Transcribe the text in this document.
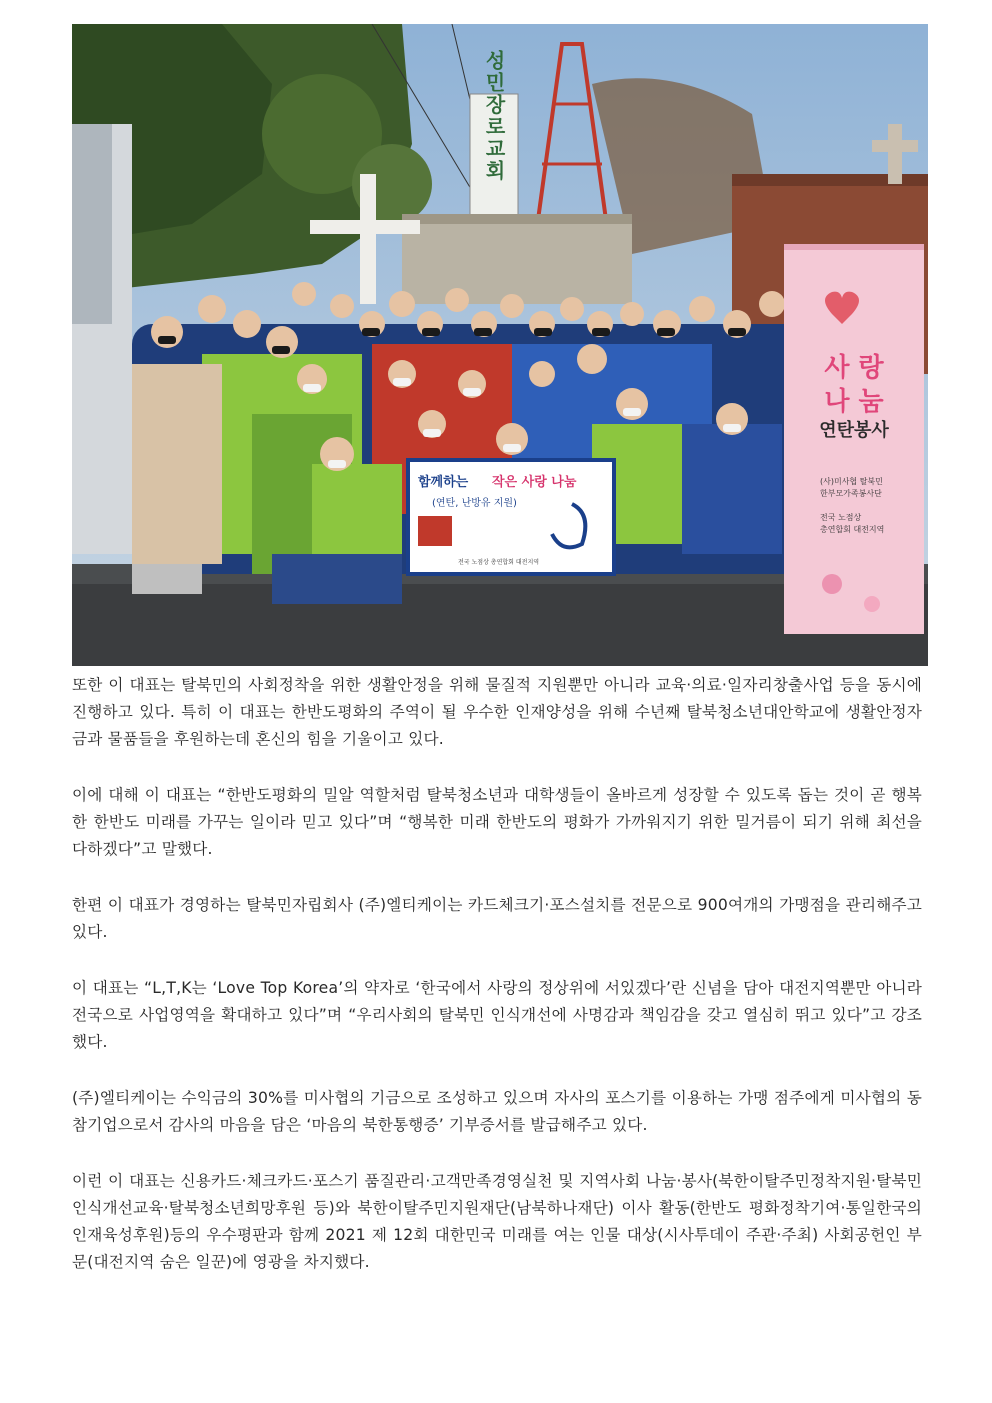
성민장로교회
함께하는 작은 사랑 나눔
(연탄, 난방유 지원)
전국 노점상 총연합회 대전지역
사 랑
나 눔
연탄봉사
(사)미사협 탈북민
한부모가족봉사단
전국 노점상
총연합회 대전지역

또한 이 대표는 탈북민의 사회정착을 위한 생활안정을 위해 물질적 지원뿐만 아니라 교육·의료·일자리창출사업 등을 동시에 진행하고 있다. 특히 이 대표는 한반도평화의 주역이 될 우수한 인재양성을 위해 수년째 탈북청소년대안학교에 생활안정자금과 물품들을 후원하는데 혼신의 힘을 기울이고 있다.

이에 대해 이 대표는 “한반도평화의 밀알 역할처럼 탈북청소년과 대학생들이 올바르게 성장할 수 있도록 돕는 것이 곧 행복한 한반도 미래를 가꾸는 일이라 믿고 있다”며 “행복한 미래 한반도의 평화가 가까워지기 위한 밀거름이 되기 위해 최선을 다하겠다”고 말했다.

한편 이 대표가 경영하는 탈북민자립회사 (주)엘티케이는 카드체크기·포스설치를 전문으로 900여개의 가맹점을 관리해주고 있다.

이 대표는 “L,T,K는 ‘Love Top Korea’의 약자로 ‘한국에서 사랑의 정상위에 서있겠다’란 신념을 담아 대전지역뿐만 아니라 전국으로 사업영역을 확대하고 있다”며 “우리사회의 탈북민 인식개선에 사명감과 책임감을 갖고 열심히 뛰고 있다”고 강조했다.

(주)엘티케이는 수익금의 30%를 미사협의 기금으로 조성하고 있으며 자사의 포스기를 이용하는 가맹 점주에게 미사협의 동참기업으로서 감사의 마음을 담은 ‘마음의 북한통행증’ 기부증서를 발급해주고 있다.

이런 이 대표는 신용카드·체크카드·포스기 품질관리·고객만족경영실천 및 지역사회 나눔·봉사(북한이탈주민정착지원·탈북민인식개선교육·탈북청소년희망후원 등)와 북한이탈주민지원재단(남북하나재단) 이사 활동(한반도 평화정착기여·통일한국의 인재육성후원)등의 우수평판과 함께 2021 제 12회 대한민국 미래를 여는 인물 대상(시사투데이 주관·주최) 사회공헌인 부문(대전지역 숨은 일꾼)에 영광을 차지했다.
